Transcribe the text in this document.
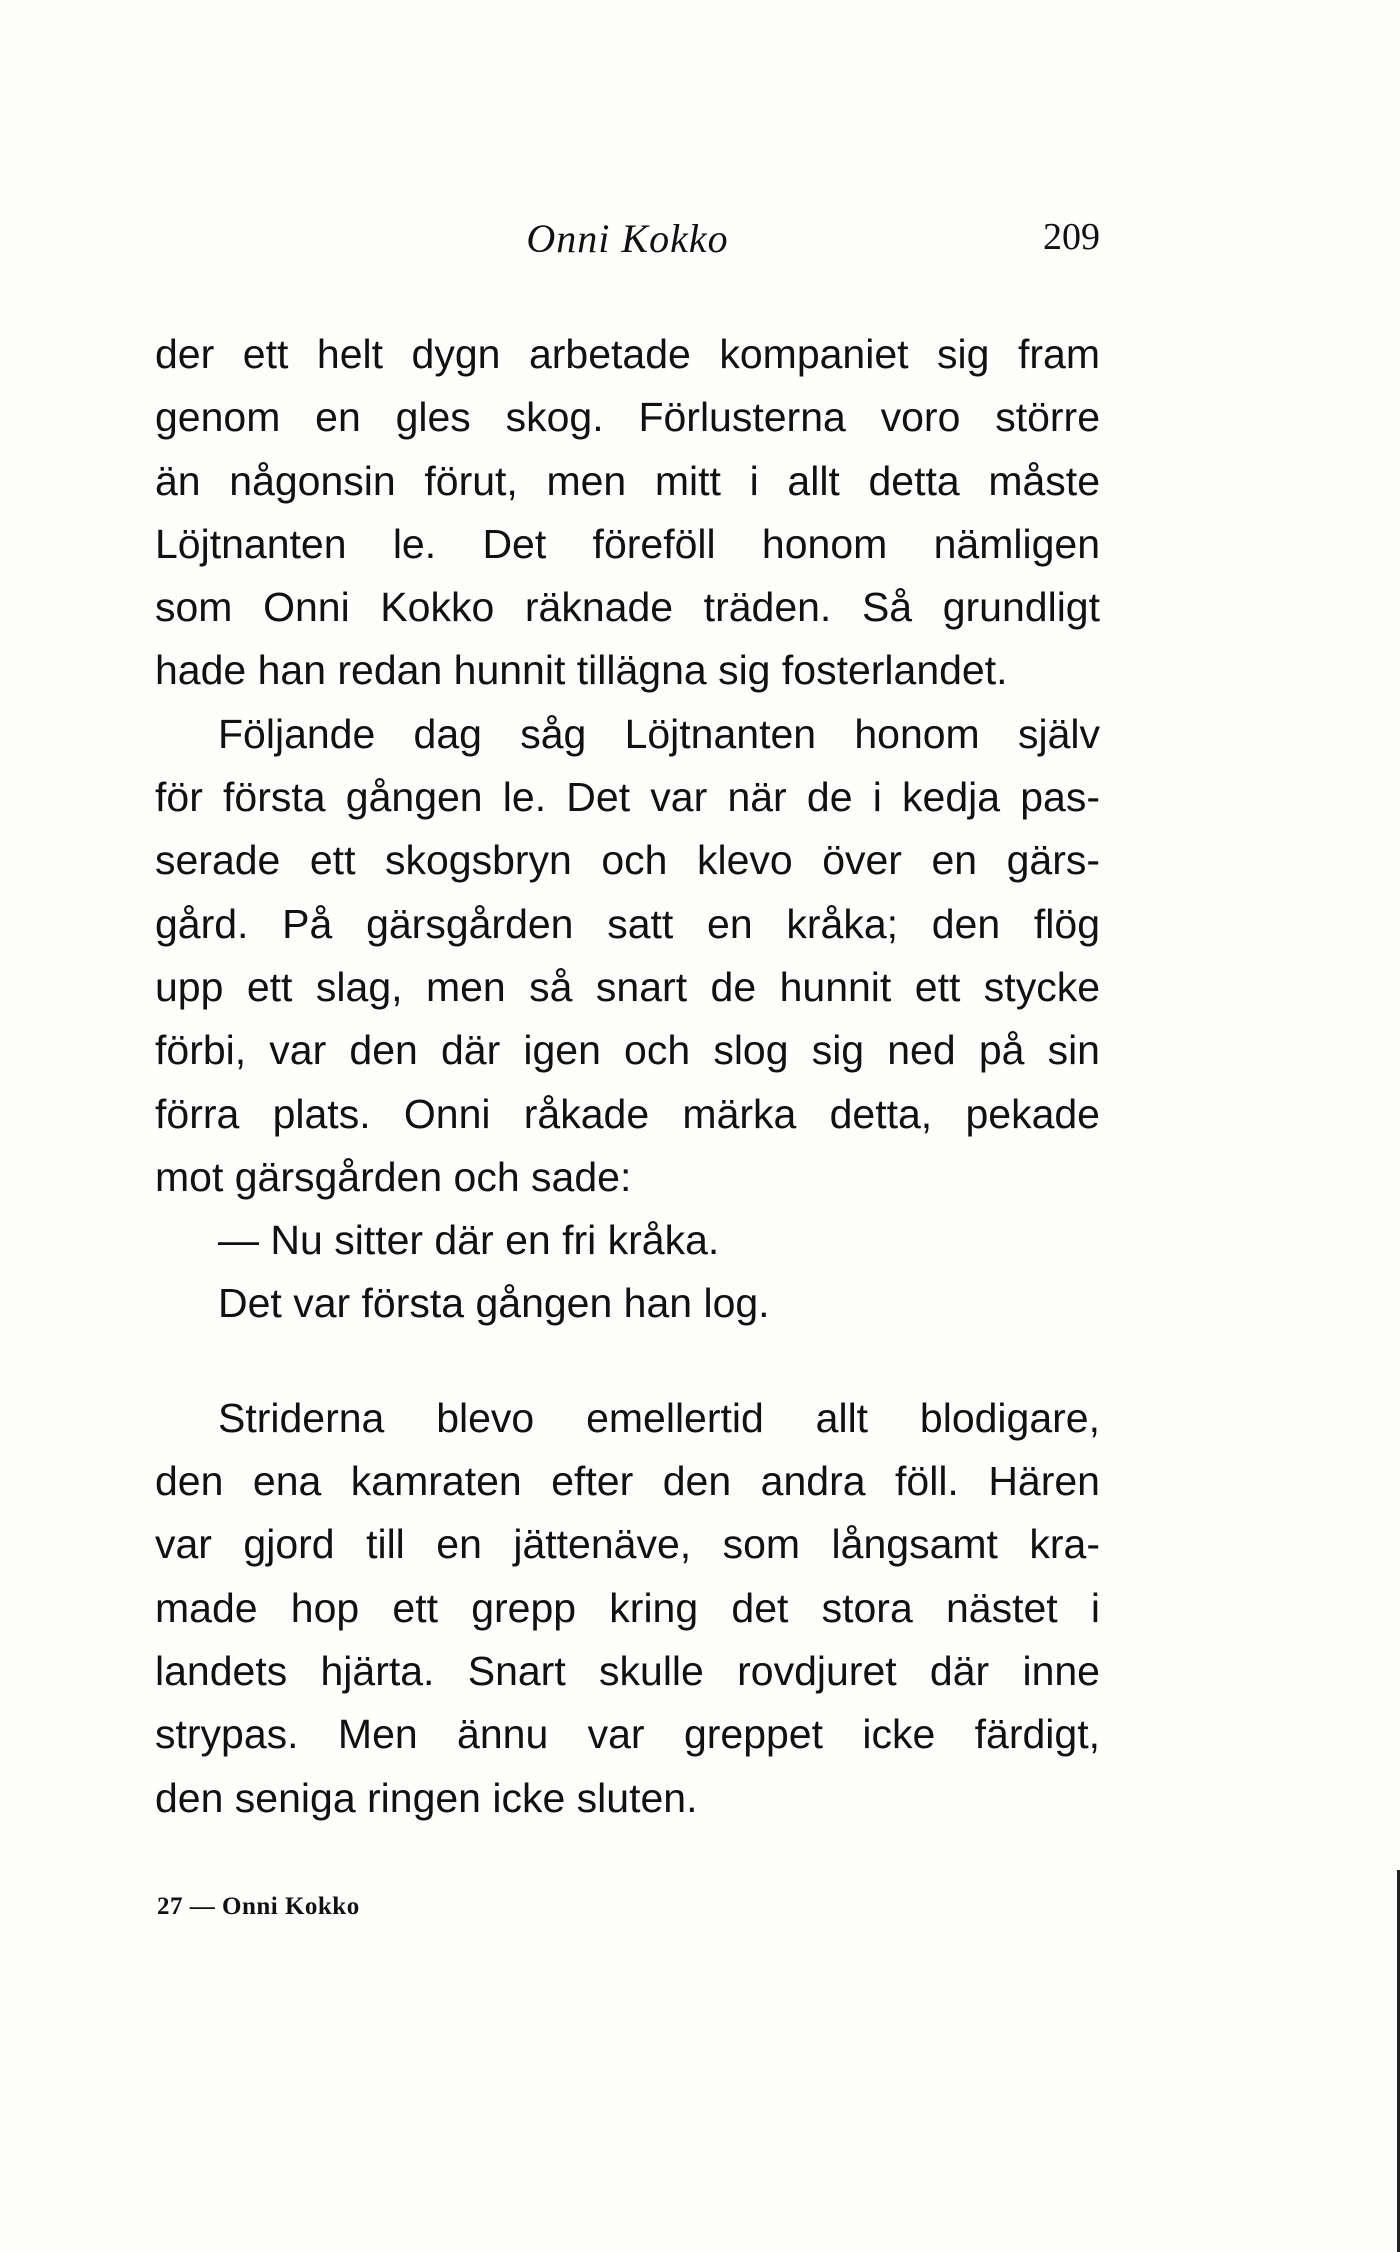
Onni Kokko	209
der ett helt dygn arbetade kompaniet sig fram
genom en gles skog. Förlusterna voro större
än någonsin förut, men mitt i allt detta måste
Löjtnanten le. Det föreföll honom nämligen
som Onni Kokko räknade träden. Så grundligt
hade han redan hunnit tillägna sig fosterlandet.
Följande dag såg Löjtnanten honom själv
för första gången le. Det var när de i kedja pas-
serade ett skogsbryn och klevo över en gärs-
gård. På gärsgården satt en kråka; den flög
upp ett slag, men så snart de hunnit ett stycke
förbi, var den där igen och slog sig ned på sin
förra plats. Onni råkade märka detta, pekade
mot gärsgården och sade:
— Nu sitter där en fri kråka.
Det var första gången han log.
Striderna blevo emellertid allt blodigare,
den ena kamraten efter den andra föll. Hären
var gjord till en jättenäve, som långsamt kra-
made hop ett grepp kring det stora nästet i
landets hjärta. Snart skulle rovdjuret där inne
strypas. Men ännu var greppet icke färdigt,
den seniga ringen icke sluten.
27 — Onni Kokko
